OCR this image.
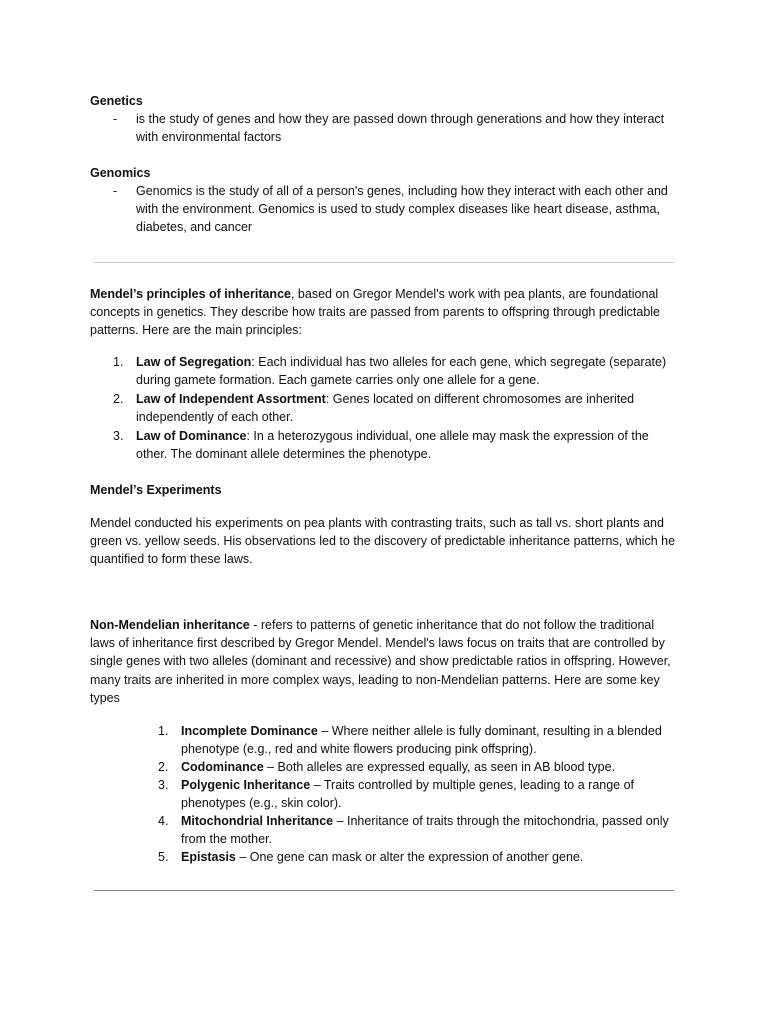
Genetics
- is the study of genes and how they are passed down through generations and how they interact with environmental factors
Genomics
- Genomics is the study of all of a person's genes, including how they interact with each other and with the environment. Genomics is used to study complex diseases like heart disease, asthma, diabetes, and cancer
Mendel’s principles of inheritance, based on Gregor Mendel's work with pea plants, are foundational concepts in genetics. They describe how traits are passed from parents to offspring through predictable patterns. Here are the main principles:
1. Law of Segregation: Each individual has two alleles for each gene, which segregate (separate) during gamete formation. Each gamete carries only one allele for a gene.
2. Law of Independent Assortment: Genes located on different chromosomes are inherited independently of each other.
3. Law of Dominance: In a heterozygous individual, one allele may mask the expression of the other. The dominant allele determines the phenotype.
Mendel’s Experiments
Mendel conducted his experiments on pea plants with contrasting traits, such as tall vs. short plants and green vs. yellow seeds. His observations led to the discovery of predictable inheritance patterns, which he quantified to form these laws.
Non-Mendelian inheritance - refers to patterns of genetic inheritance that do not follow the traditional laws of inheritance first described by Gregor Mendel. Mendel's laws focus on traits that are controlled by single genes with two alleles (dominant and recessive) and show predictable ratios in offspring. However, many traits are inherited in more complex ways, leading to non-Mendelian patterns. Here are some key types
1. Incomplete Dominance – Where neither allele is fully dominant, resulting in a blended phenotype (e.g., red and white flowers producing pink offspring).
2. Codominance – Both alleles are expressed equally, as seen in AB blood type.
3. Polygenic Inheritance – Traits controlled by multiple genes, leading to a range of phenotypes (e.g., skin color).
4. Mitochondrial Inheritance – Inheritance of traits through the mitochondria, passed only from the mother.
5. Epistasis – One gene can mask or alter the expression of another gene.
